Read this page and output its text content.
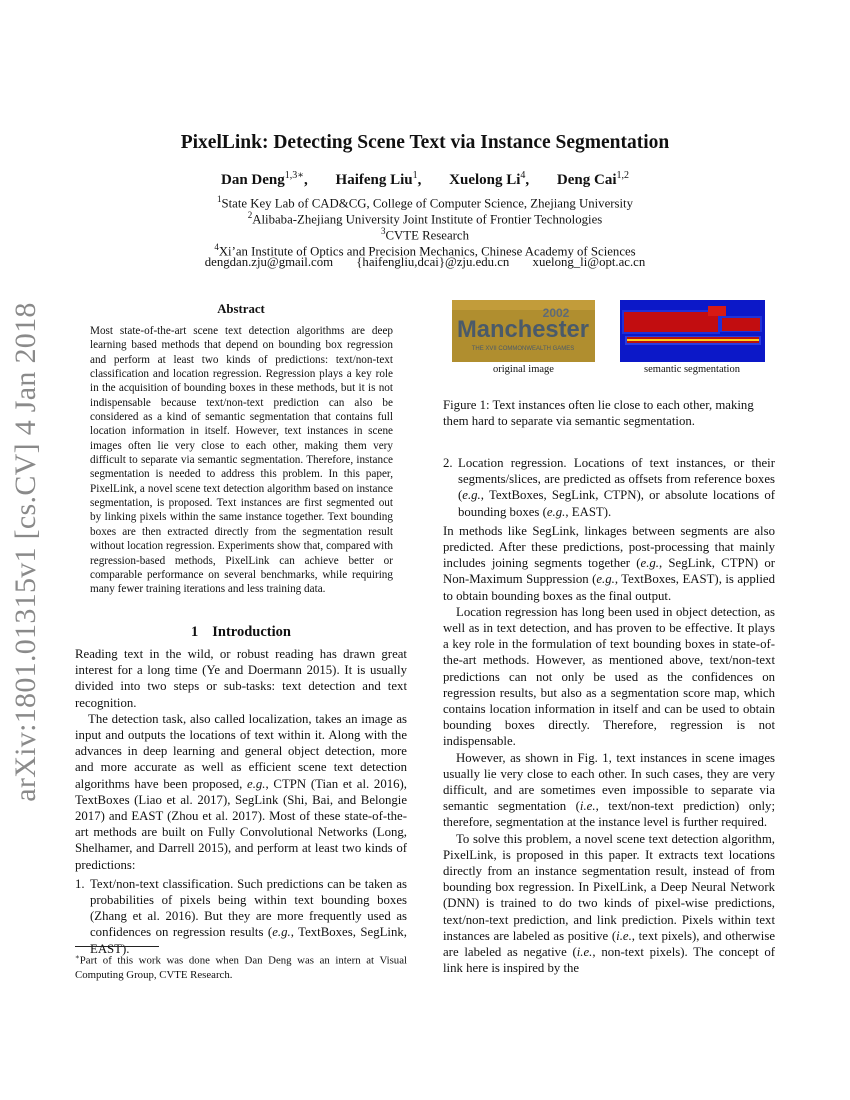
arXiv:1801.01315v1 [cs.CV] 4 Jan 2018
PixelLink: Detecting Scene Text via Instance Segmentation
Dan Deng$^{1,3∗}$, Haifeng Liu$^1$, Xuelong Li$^4$, Deng Cai$^{1,2}$
$^1$State Key Lab of CAD&CG, College of Computer Science, Zhejiang University
$^2$Alibaba-Zhejiang University Joint Institute of Frontier Technologies
$^3$CVTE Research
$^4$Xi’an Institute of Optics and Precision Mechanics, Chinese Academy of Sciences
dengdan.zju@gmail.com {haifengliu,dcai}@zju.edu.cn xuelong_li@opt.ac.cn
Abstract
Most state-of-the-art scene text detection algorithms are deep learning based methods that depend on bounding box regression and perform at least two kinds of predictions: text/non-text classification and location regression. Regression plays a key role in the acquisition of bounding boxes in these methods, but it is not indispensable because text/non-text prediction can also be considered as a kind of semantic segmentation that contains full location information in itself. However, text instances in scene images often lie very close to each other, making them very difficult to separate via semantic segmentation. Therefore, instance segmentation is needed to address this problem. In this paper, PixelLink, a novel scene text detection algorithm based on instance segmentation, is proposed. Text instances are first segmented out by linking pixels within the same instance together. Text bounding boxes are then extracted directly from the segmentation result without location regression. Experiments show that, compared with regression-based methods, PixelLink can achieve better or comparable performance on several benchmarks, while requiring many fewer training iterations and less training data.
1 Introduction

Reading text in the wild, or robust reading has drawn great interest for a long time (Ye and Doermann 2015). It is usually divided into two steps or sub-tasks: text detection and text recognition.

The detection task, also called localization, takes an image as input and outputs the locations of text within it. Along with the advances in deep learning and general object detection, more and more accurate as well as efficient scene text detection algorithms have been proposed, e.g., CTPN (Tian et al. 2016), TextBoxes (Liao et al. 2017), SegLink (Shi, Bai, and Belongie 2017) and EAST (Zhou et al. 2017). Most of these state-of-the-art methods are built on Fully Convolutional Networks (Long, Shelhamer, and Darrell 2015), and perform at least two kinds of predictions:

1. Text/non-text classification. Such predictions can be taken as probabilities of pixels being within text bounding boxes (Zhang et al. 2016). But they are more frequently used as confidences on regression results (e.g., TextBoxes, SegLink, EAST).
∗Part of this work was done when Dan Deng was an intern at Visual Computing Group, CVTE Research.
2002
Manchester
THE XVII COMMONWEALTH GAMES
original image	semantic segmentation
Figure 1: Text instances often lie close to each other, making them hard to separate via semantic segmentation.
2. Location regression. Locations of text instances, or their segments/slices, are predicted as offsets from reference boxes (e.g., TextBoxes, SegLink, CTPN), or absolute locations of bounding boxes (e.g., EAST).

In methods like SegLink, linkages between segments are also predicted. After these predictions, post-processing that mainly includes joining segments together (e.g., SegLink, CTPN) or Non-Maximum Suppression (e.g., TextBoxes, EAST), is applied to obtain bounding boxes as the final output.

Location regression has long been used in object detection, as well as in text detection, and has proven to be effective. It plays a key role in the formulation of text bounding boxes in state-of-the-art methods. However, as mentioned above, text/non-text predictions can not only be used as the confidences on regression results, but also as a segmentation score map, which contains location information in itself and can be used to obtain bounding boxes directly. Therefore, regression is not indispensable.

However, as shown in Fig. 1, text instances in scene images usually lie very close to each other. In such cases, they are very difficult, and are sometimes even impossible to separate via semantic segmentation (i.e., text/non-text prediction) only; therefore, segmentation at the instance level is further required.

To solve this problem, a novel scene text detection algorithm, PixelLink, is proposed in this paper. It extracts text locations directly from an instance segmentation result, instead of from bounding box regression. In PixelLink, a Deep Neural Network (DNN) is trained to do two kinds of pixel-wise predictions, text/non-text prediction, and link prediction. Pixels within text instances are labeled as positive (i.e., text pixels), and otherwise are labeled as negative (i.e., non-text pixels). The concept of link here is inspired by the
